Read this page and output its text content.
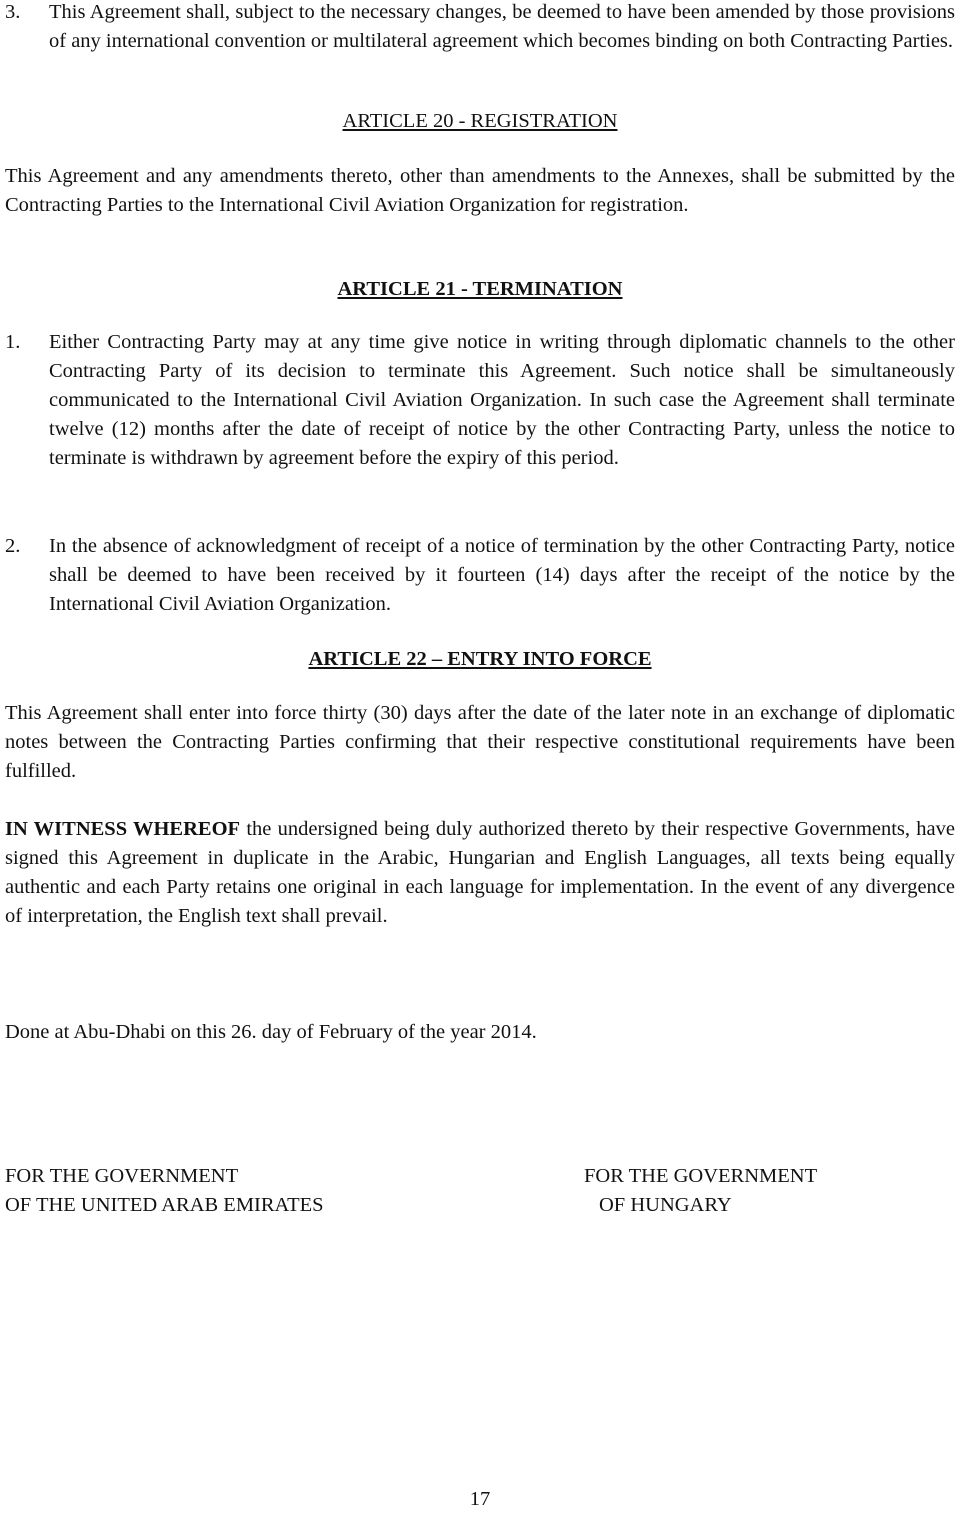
3. This Agreement shall, subject to the necessary changes, be deemed to have been amended by those provisions of any international convention or multilateral agreement which becomes binding on both Contracting Parties.
ARTICLE 20 - REGISTRATION

This Agreement and any amendments thereto, other than amendments to the Annexes, shall be submitted by the Contracting Parties to the International Civil Aviation Organization for registration.

ARTICLE 21 - TERMINATION
1. Either Contracting Party may at any time give notice in writing through diplomatic channels to the other Contracting Party of its decision to terminate this Agreement. Such notice shall be simultaneously communicated to the International Civil Aviation Organization. In such case the Agreement shall terminate twelve (12) months after the date of receipt of notice by the other Contracting Party, unless the notice to terminate is withdrawn by agreement before the expiry of this period.
2. In the absence of acknowledgment of receipt of a notice of termination by the other Contracting Party, notice shall be deemed to have been received by it fourteen (14) days after the receipt of the notice by the International Civil Aviation Organization.
ARTICLE 22 – ENTRY INTO FORCE

This Agreement shall enter into force thirty (30) days after the date of the later note in an exchange of diplomatic notes between the Contracting Parties confirming that their respective constitutional requirements have been fulfilled.

IN WITNESS WHEREOF the undersigned being duly authorized thereto by their respective Governments, have signed this Agreement in duplicate in the Arabic, Hungarian and English Languages, all texts being equally authentic and each Party retains one original in each language for implementation. In the event of any divergence of interpretation, the English text shall prevail.

Done at Abu-Dhabi on this 26. day of February of the year 2014.

FOR THE GOVERNMENT
OF THE UNITED ARAB EMIRATES
FOR THE GOVERNMENT
OF HUNGARY
17
